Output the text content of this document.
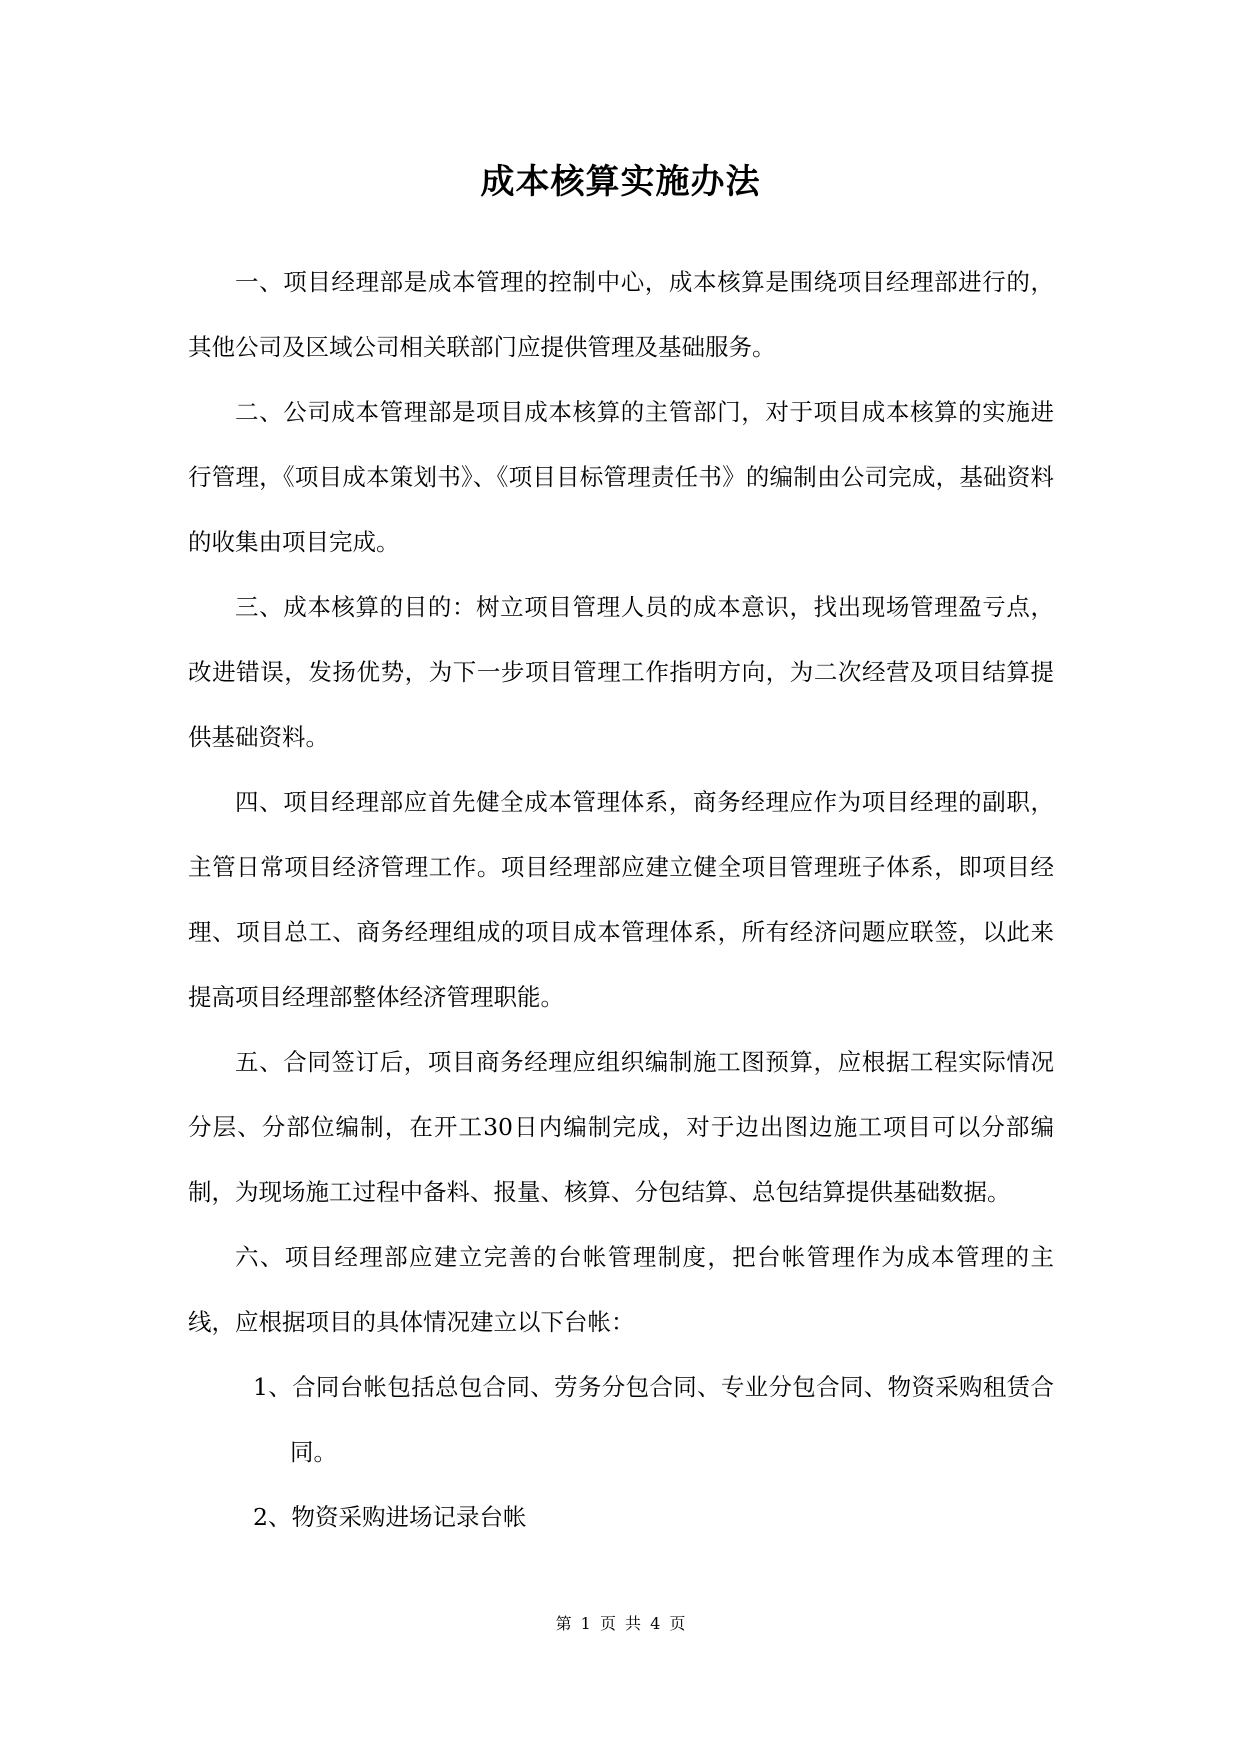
成本核算实施办法

一、项目经理部是成本管理的控制中心，成本核算是围绕项目经理部进行的，其他公司及区域公司相关联部门应提供管理及基础服务。

二、公司成本管理部是项目成本核算的主管部门，对于项目成本核算的实施进行管理，《项目成本策划书》、《项目目标管理责任书》的编制由公司完成，基础资料的收集由项目完成。

三、成本核算的目的：树立项目管理人员的成本意识，找出现场管理盈亏点，改进错误，发扬优势，为下一步项目管理工作指明方向，为二次经营及项目结算提供基础资料。

四、项目经理部应首先健全成本管理体系，商务经理应作为项目经理的副职，主管日常项目经济管理工作。项目经理部应建立健全项目管理班子体系，即项目经理、项目总工、商务经理组成的项目成本管理体系，所有经济问题应联签，以此来提高项目经理部整体经济管理职能。

五、合同签订后，项目商务经理应组织编制施工图预算，应根据工程实际情况分层、分部位编制，在开工30日内编制完成，对于边出图边施工项目可以分部编制，为现场施工过程中备料、报量、核算、分包结算、总包结算提供基础数据。

六、项目经理部应建立完善的台帐管理制度，把台帐管理作为成本管理的主线，应根据项目的具体情况建立以下台帐：

1、合同台帐包括总包合同、劳务分包合同、专业分包合同、物资采购租赁合同。

2、物资采购进场记录台帐

第 1 页 共 4 页
